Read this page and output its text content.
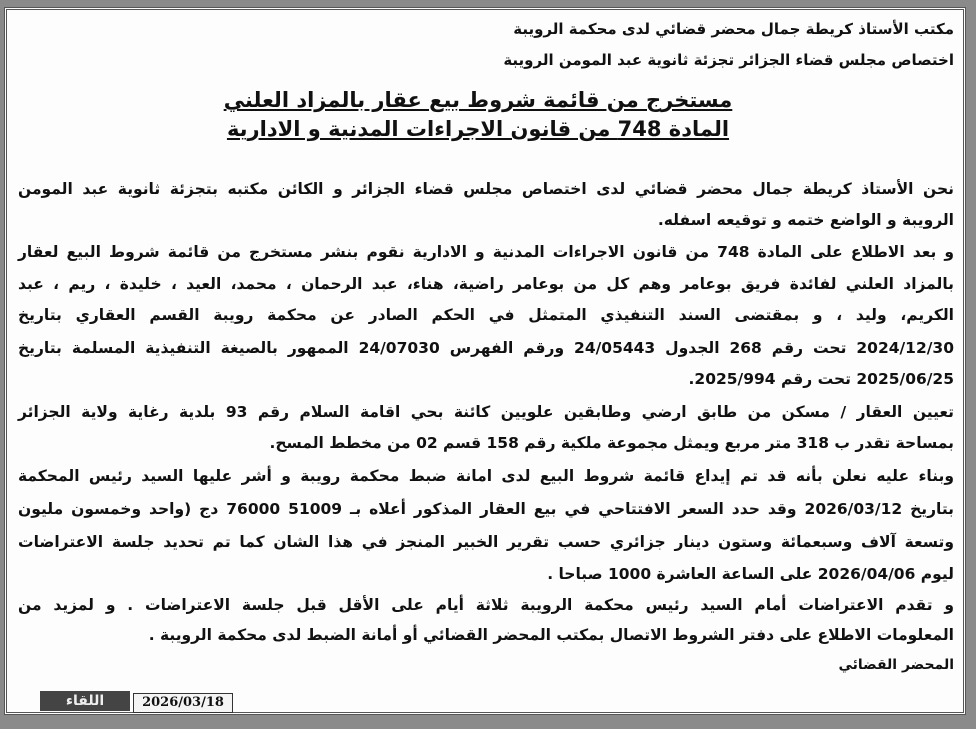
مكتب الأستاذ كريطة جمال محضر قضائي لدى محكمة الرويبة
اختصاص مجلس قضاء الجزائر تجزئة ثانوية عبد المومن الرويبة
مستخرج من قائمة شروط بيع عقار بالمزاد العلني
المادة 748 من قانون الاجراءات المدنية و الادارية
نحن الأستاذ كريطة جمال محضر قضائي لدى اختصاص مجلس قضاء الجزائر و الكائن مكتبه بتجزئة ثانوية عبد المومن
الرويبة و الواضع ختمه و توقيعه اسفله.
و بعد الاطلاع على المادة 748 من قانون الاجراءات المدنية و الادارية نقوم بنشر مستخرج من قائمة شروط البيع لعقار
بالمزاد العلني لفائدة فريق بوعامر وهم كل من بوعامر راضية، هناء، عبد الرحمان ، محمد، العيد ، خليدة ، ريم ، عبد
الكريم، وليد ، و بمقتضى السند التنفيذي المتمثل في الحكم الصادر عن محكمة رويبة القسم العقاري بتاريخ
2024/12/30 تحت رقم 268 الجدول 24/05443 ورقم الفهرس 24/07030 الممهور بالصيغة التنفيذية المسلمة بتاريخ
2025/06/25 تحت رقم 2025/994.
تعيين العقار / مسكن من طابق ارضي وطابقين علويين كائنة بحي اقامة السلام رقم 93 بلدية رغاية ولاية الجزائر
بمساحة تقدر ب 318 متر مربع ويمثل مجموعة ملكية رقم 158 قسم 02 من مخطط المسح.
وبناء عليه نعلن بأنه قد تم إيداع قائمة شروط البيع لدى امانة ضبط محكمة رويبة و أشر عليها السيد رئيس المحكمة
بتاريخ 2026/03/12 وقد حدد السعر الافتتاحي في بيع العقار المذكور أعلاه بـ 51009 76000 دج (واحد وخمسون مليون
وتسعة آلاف وسبعمائة وستون دينار جزائري حسب تقرير الخبير المنجز في هذا الشان كما تم تحديد جلسة الاعتراضات
ليوم 2026/04/06 على الساعة العاشرة 1000 صباحا .
و تقدم الاعتراضات أمام السيد رئيس محكمة الرويبة ثلاثة أيام على الأقل قبل جلسة الاعتراضات . و لمزيد من
المعلومات الاطلاع على دفتر الشروط الاتصال بمكتب المحضر القضائي أو أمانة الضبط لدى محكمة الرويبة .
المحضر القضائي
اللقاء	2026/03/18
